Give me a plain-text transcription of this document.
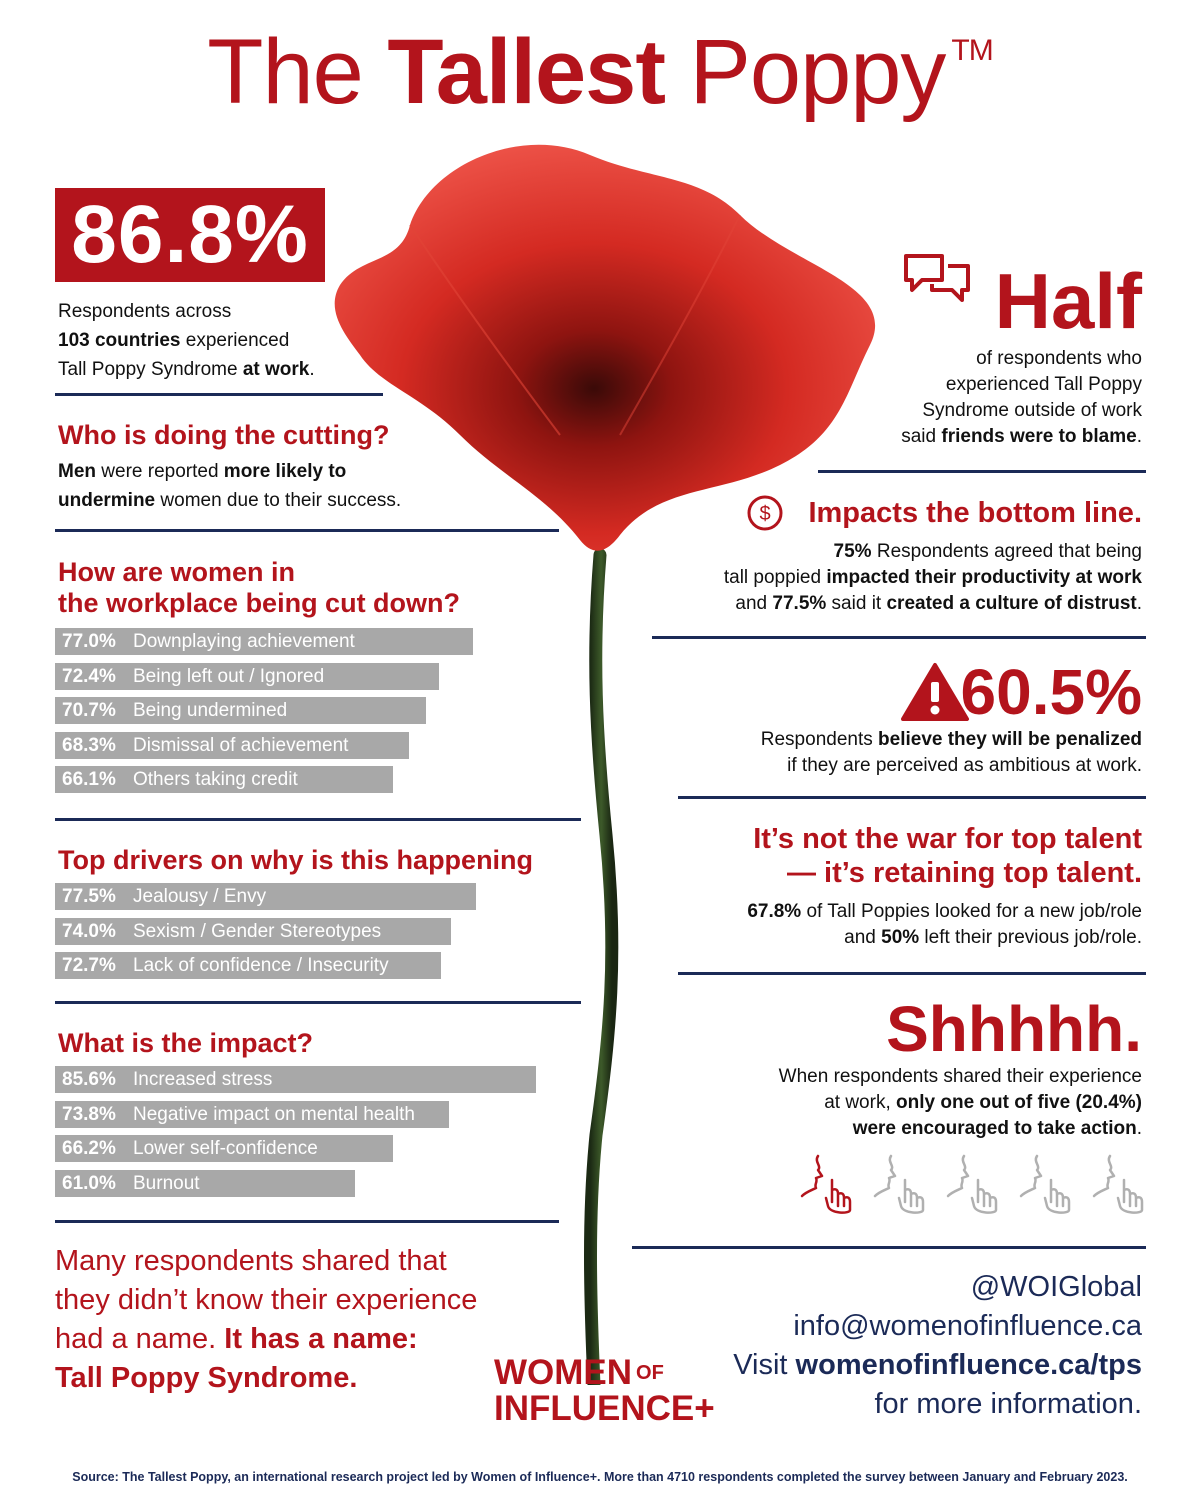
The Tallest Poppy ™
86.8%
Respondents across
103 countries experienced
Tall Poppy Syndrome at work.
Who is doing the cutting?
Men were reported more likely to
undermine women due to their success.
How are women in
the workplace being cut down?
77.0% Downplaying achievement
72.4% Being left out / Ignored
70.7% Being undermined
68.3% Dismissal of achievement
66.1% Others taking credit
Top drivers on why is this happening
77.5% Jealousy / Envy
74.0% Sexism / Gender Stereotypes
72.7% Lack of confidence / Insecurity
What is the impact?
85.6% Increased stress
73.8% Negative impact on mental health
66.2% Lower self-confidence
61.0% Burnout
Many respondents shared that
they didn’t know their experience
had a name. It has a name:
Tall Poppy Syndrome.
Half
of respondents who
experienced Tall Poppy
Syndrome outside of work
said friends were to blame.
$ Impacts the bottom line.
75% Respondents agreed that being
tall poppied impacted their productivity at work
and 77.5% said it created a culture of distrust.
60.5%
Respondents believe they will be penalized
if they are perceived as ambitious at work.
It’s not the war for top talent
— it’s retaining top talent.
67.8% of Tall Poppies looked for a new job/role
and 50% left their previous job/role.
Shhhhh.
When respondents shared their experience
at work, only one out of five (20.4%)
were encouraged to take action.
@WOIGlobal
info@womenofinfluence.ca
Visit womenofinfluence.ca/tps
for more information.
WOMEN $^{OF}$
INFLUENCE+
Source: The Tallest Poppy, an international research project led by Women of Influence+. More than 4710 respondents completed the survey between January and February 2023.
